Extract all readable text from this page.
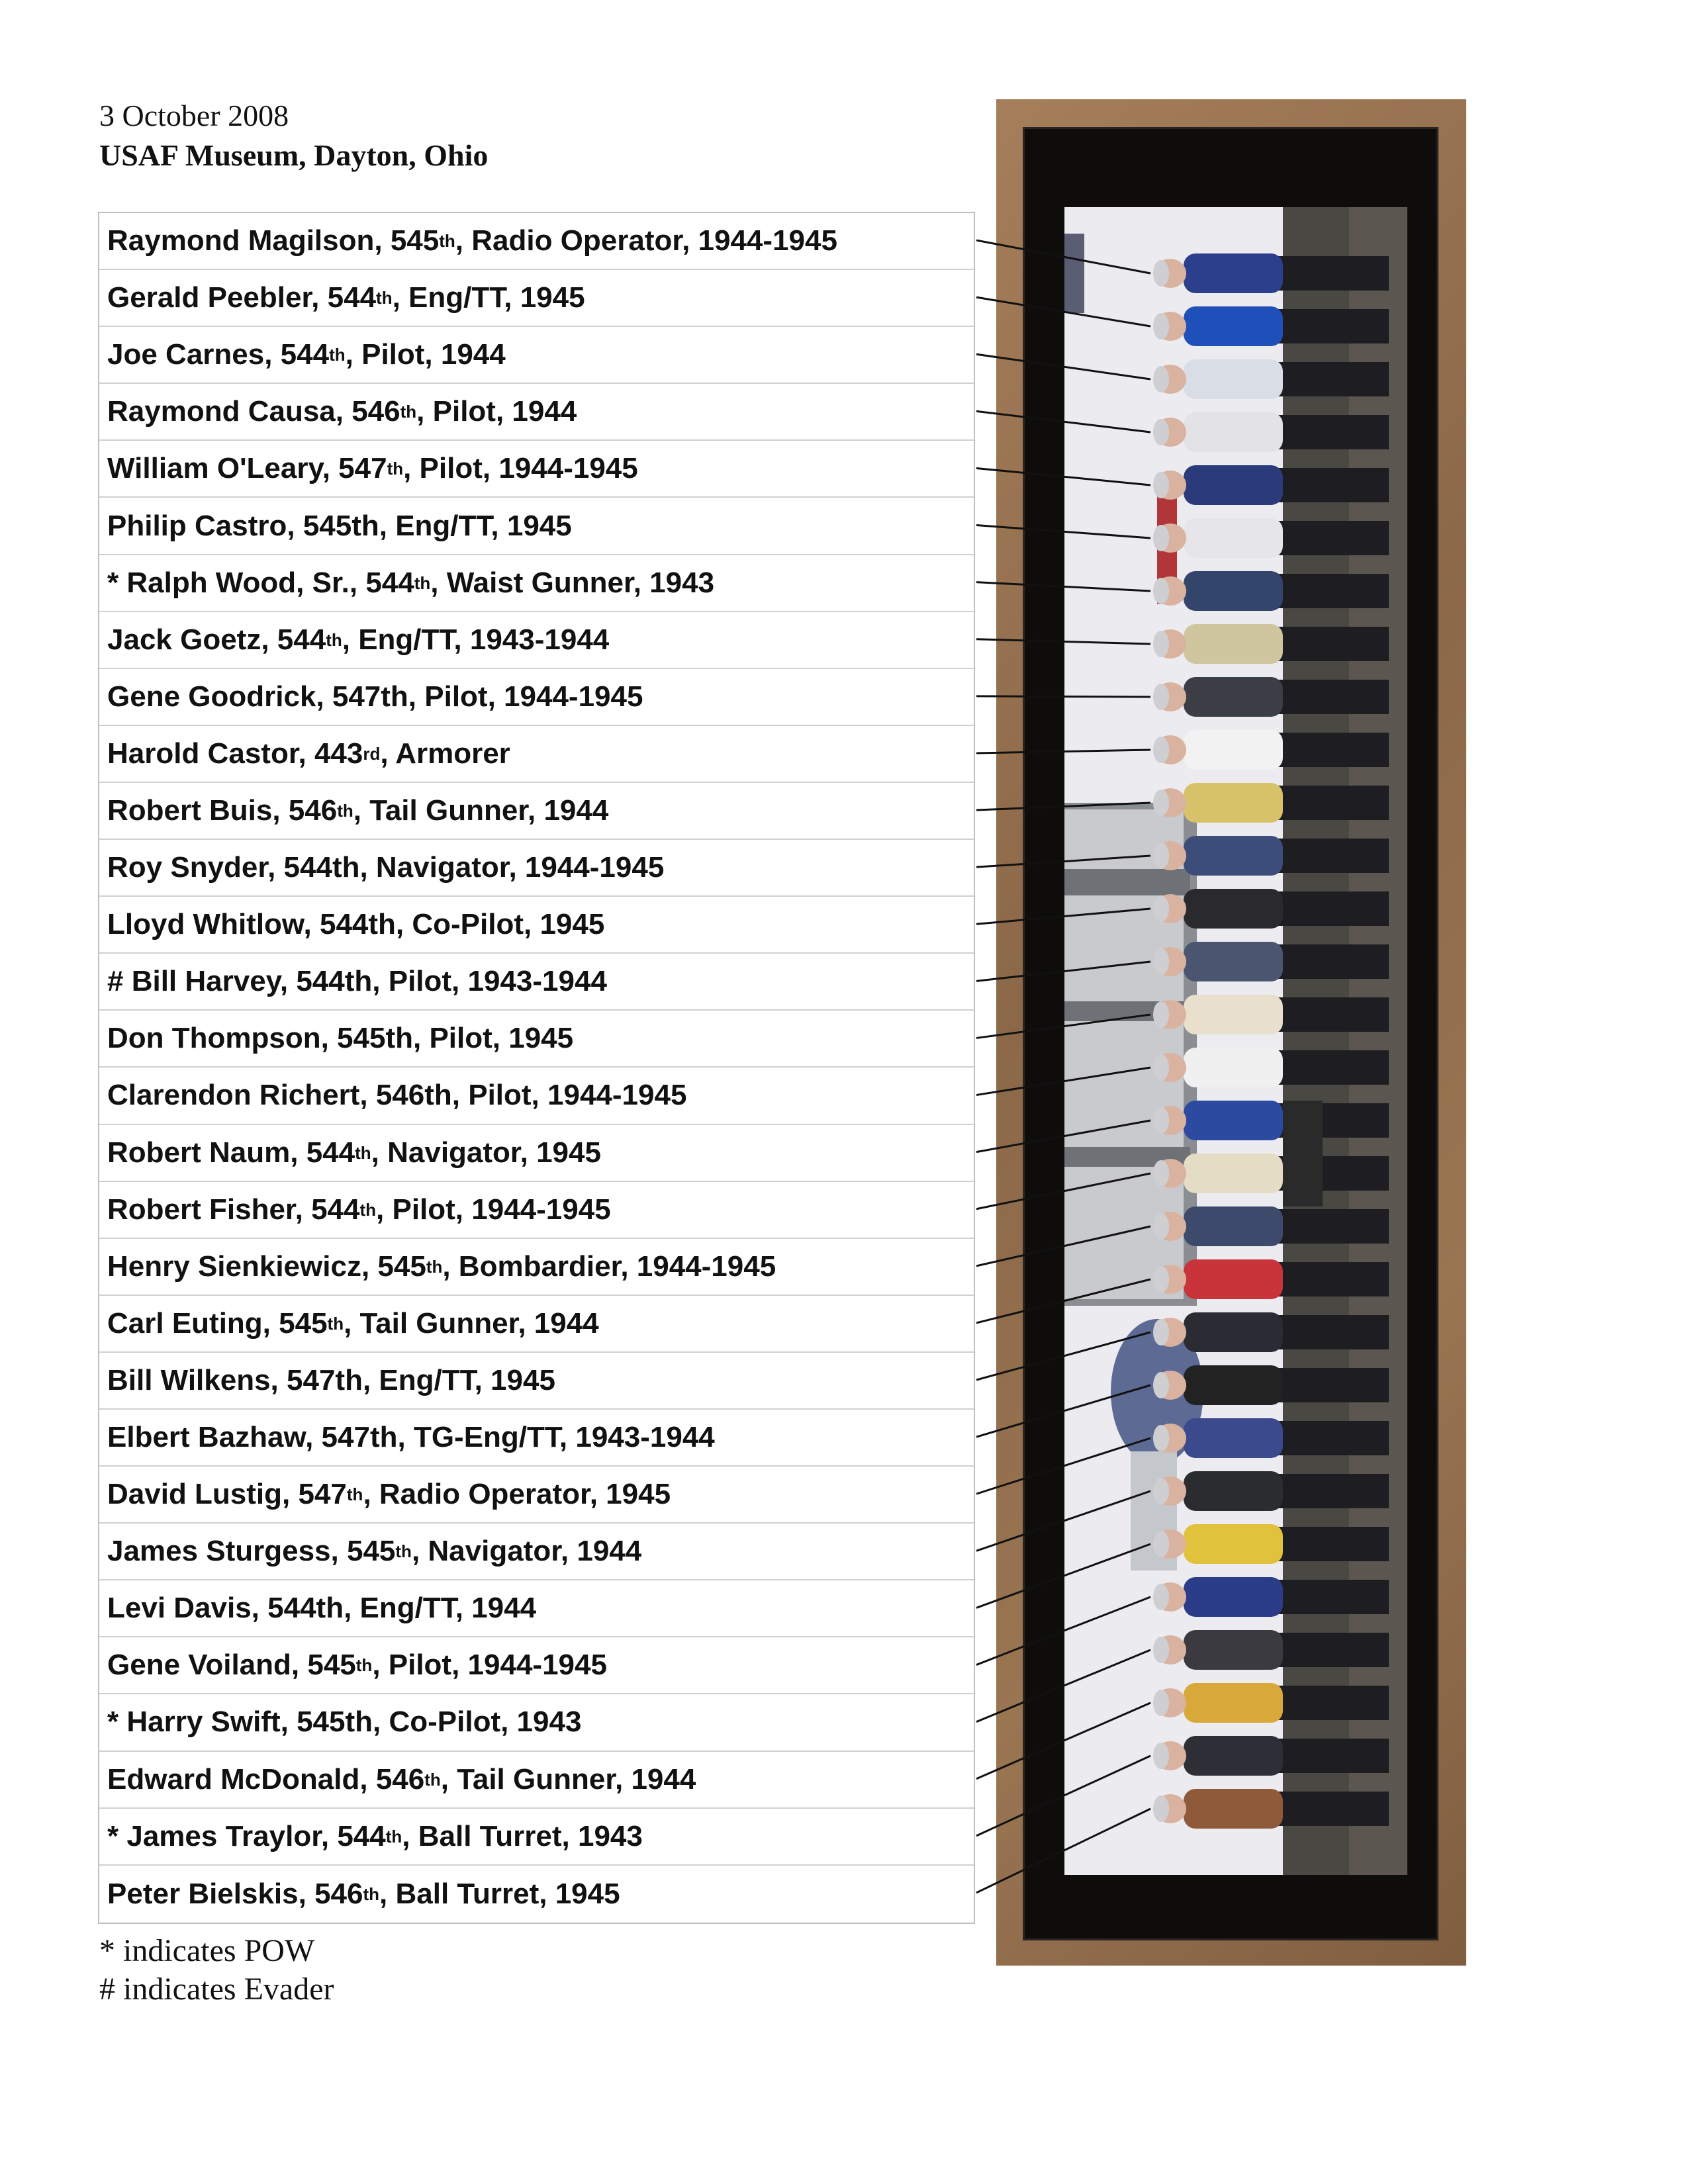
3 October 2008
USAF Museum, Dayton, Ohio
Raymond Magilson, 545 th , Radio Operator, 1944-1945
Gerald Peebler, 544 th , Eng/TT, 1945
Joe Carnes, 544 th , Pilot, 1944
Raymond Causa, 546 th , Pilot, 1944
William O'Leary, 547 th , Pilot, 1944-1945
Philip Castro, 545th, Eng/TT, 1945
* Ralph Wood, Sr., 544 th , Waist Gunner, 1943
Jack Goetz, 544 th , Eng/TT, 1943-1944
Gene Goodrick, 547th, Pilot, 1944-1945
Harold Castor, 443 rd , Armorer
Robert Buis, 546 th , Tail Gunner, 1944
Roy Snyder, 544th, Navigator, 1944-1945
Lloyd Whitlow, 544th, Co-Pilot, 1945
# Bill Harvey, 544th, Pilot, 1943-1944
Don Thompson, 545th, Pilot, 1945
Clarendon Richert, 546th, Pilot, 1944-1945
Robert Naum, 544 th , Navigator, 1945
Robert Fisher, 544 th , Pilot, 1944-1945
Henry Sienkiewicz, 545 th , Bombardier, 1944-1945
Carl Euting, 545 th , Tail Gunner, 1944
Bill Wilkens, 547th, Eng/TT, 1945
Elbert Bazhaw, 547th, TG-Eng/TT, 1943-1944
David Lustig, 547 th , Radio Operator, 1945
James Sturgess, 545 th , Navigator, 1944
Levi Davis, 544th, Eng/TT, 1944
Gene Voiland, 545 th , Pilot, 1944-1945
* Harry Swift, 545th, Co-Pilot, 1943
Edward McDonald, 546 th , Tail Gunner, 1944
* James Traylor, 544 th , Ball Turret, 1943
Peter Bielskis, 546 th , Ball Turret, 1945
* indicates POW
# indicates Evader
